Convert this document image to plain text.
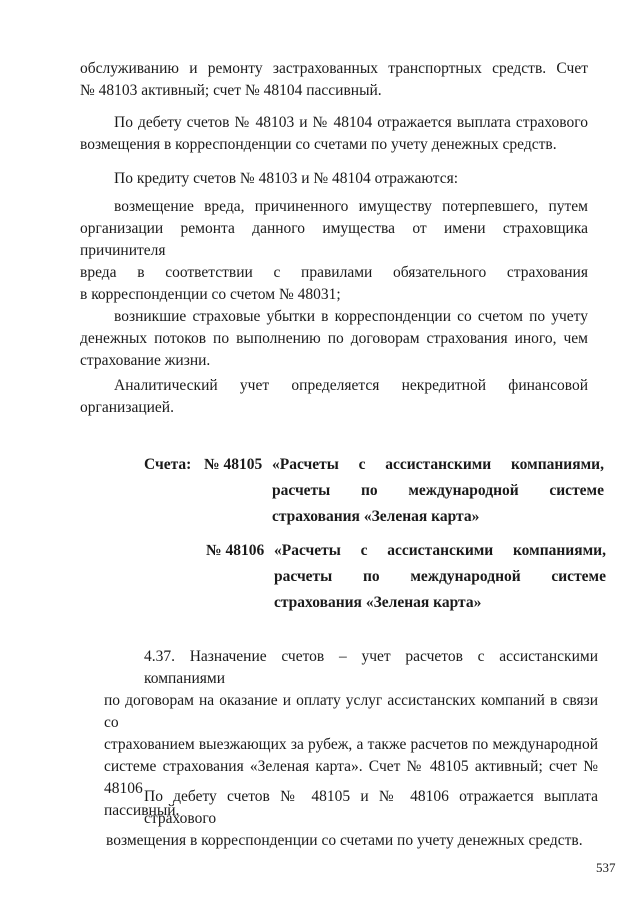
обслуживанию и ремонту застрахованных транспортных средств. Счет
№ 48103 активный; счет № 48104 пассивный.
По дебету счетов № 48103 и № 48104 отражается выплата страхового
возмещения в корреспонденции со счетами по учету денежных средств.
По кредиту счетов № 48103 и № 48104 отражаются:
возмещение вреда, причиненного имуществу потерпевшего, путем
организации ремонта данного имущества от имени страховщика причинителя
вреда в соответствии с правилами обязательного страхования
в корреспонденции со счетом № 48031;
возникшие страховые убытки в корреспонденции со счетом по учету
денежных потоков по выполнению по договорам страхования иного, чем
страхование жизни.
Аналитический учет определяется некредитной финансовой
организацией.
Счета: № 48105 «Расчеты с ассистанскими компаниями,
расчеты по международной системе
страхования «Зеленая карта»
№ 48106 «Расчеты с ассистанскими компаниями,
расчеты по международной системе
страхования «Зеленая карта»
4.37. Назначение счетов – учет расчетов с ассистанскими компаниями
по договорам на оказание и оплату услуг ассистанских компаний в связи со
страхованием выезжающих за рубеж, а также расчетов по международной
системе страхования «Зеленая карта». Счет № 48105 активный; счет № 48106
пассивный.
По дебету счетов № 48105 и № 48106 отражается выплата страхового
возмещения в корреспонденции со счетами по учету денежных средств.
537
